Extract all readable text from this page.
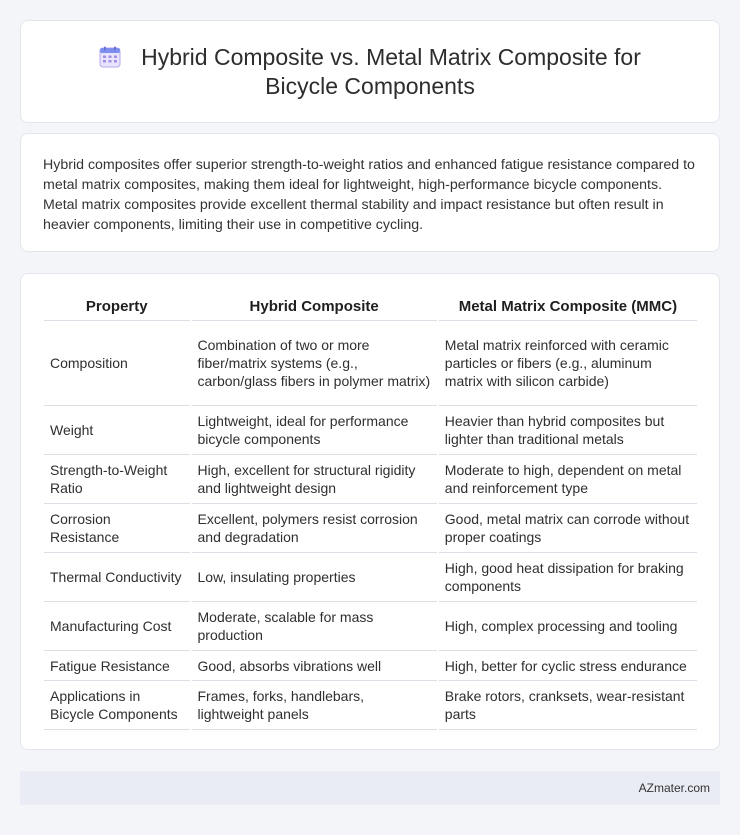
Hybrid Composite vs. Metal Matrix Composite for
Bicycle Components

Hybrid composites offer superior strength-to-weight ratios and enhanced fatigue resistance compared to metal matrix composites, making them ideal for lightweight, high-performance bicycle components. Metal matrix composites provide excellent thermal stability and impact resistance but often result in heavier components, limiting their use in competitive cycling.

Property	Hybrid Composite	Metal Matrix Composite (MMC)
Composition	Combination of two or more fiber/matrix systems (e.g., carbon/glass fibers in polymer matrix)	Metal matrix reinforced with ceramic particles or fibers (e.g., aluminum matrix with silicon carbide)
Weight	Lightweight, ideal for performance bicycle components	Heavier than hybrid composites but lighter than traditional metals
Strength-to-Weight Ratio	High, excellent for structural rigidity and lightweight design	Moderate to high, dependent on metal and reinforcement type
Corrosion Resistance	Excellent, polymers resist corrosion and degradation	Good, metal matrix can corrode without proper coatings
Thermal Conductivity	Low, insulating properties	High, good heat dissipation for braking components
Manufacturing Cost	Moderate, scalable for mass production	High, complex processing and tooling
Fatigue Resistance	Good, absorbs vibrations well	High, better for cyclic stress endurance
Applications in Bicycle Components	Frames, forks, handlebars, lightweight panels	Brake rotors, cranksets, wear-resistant parts
AZmater.com
